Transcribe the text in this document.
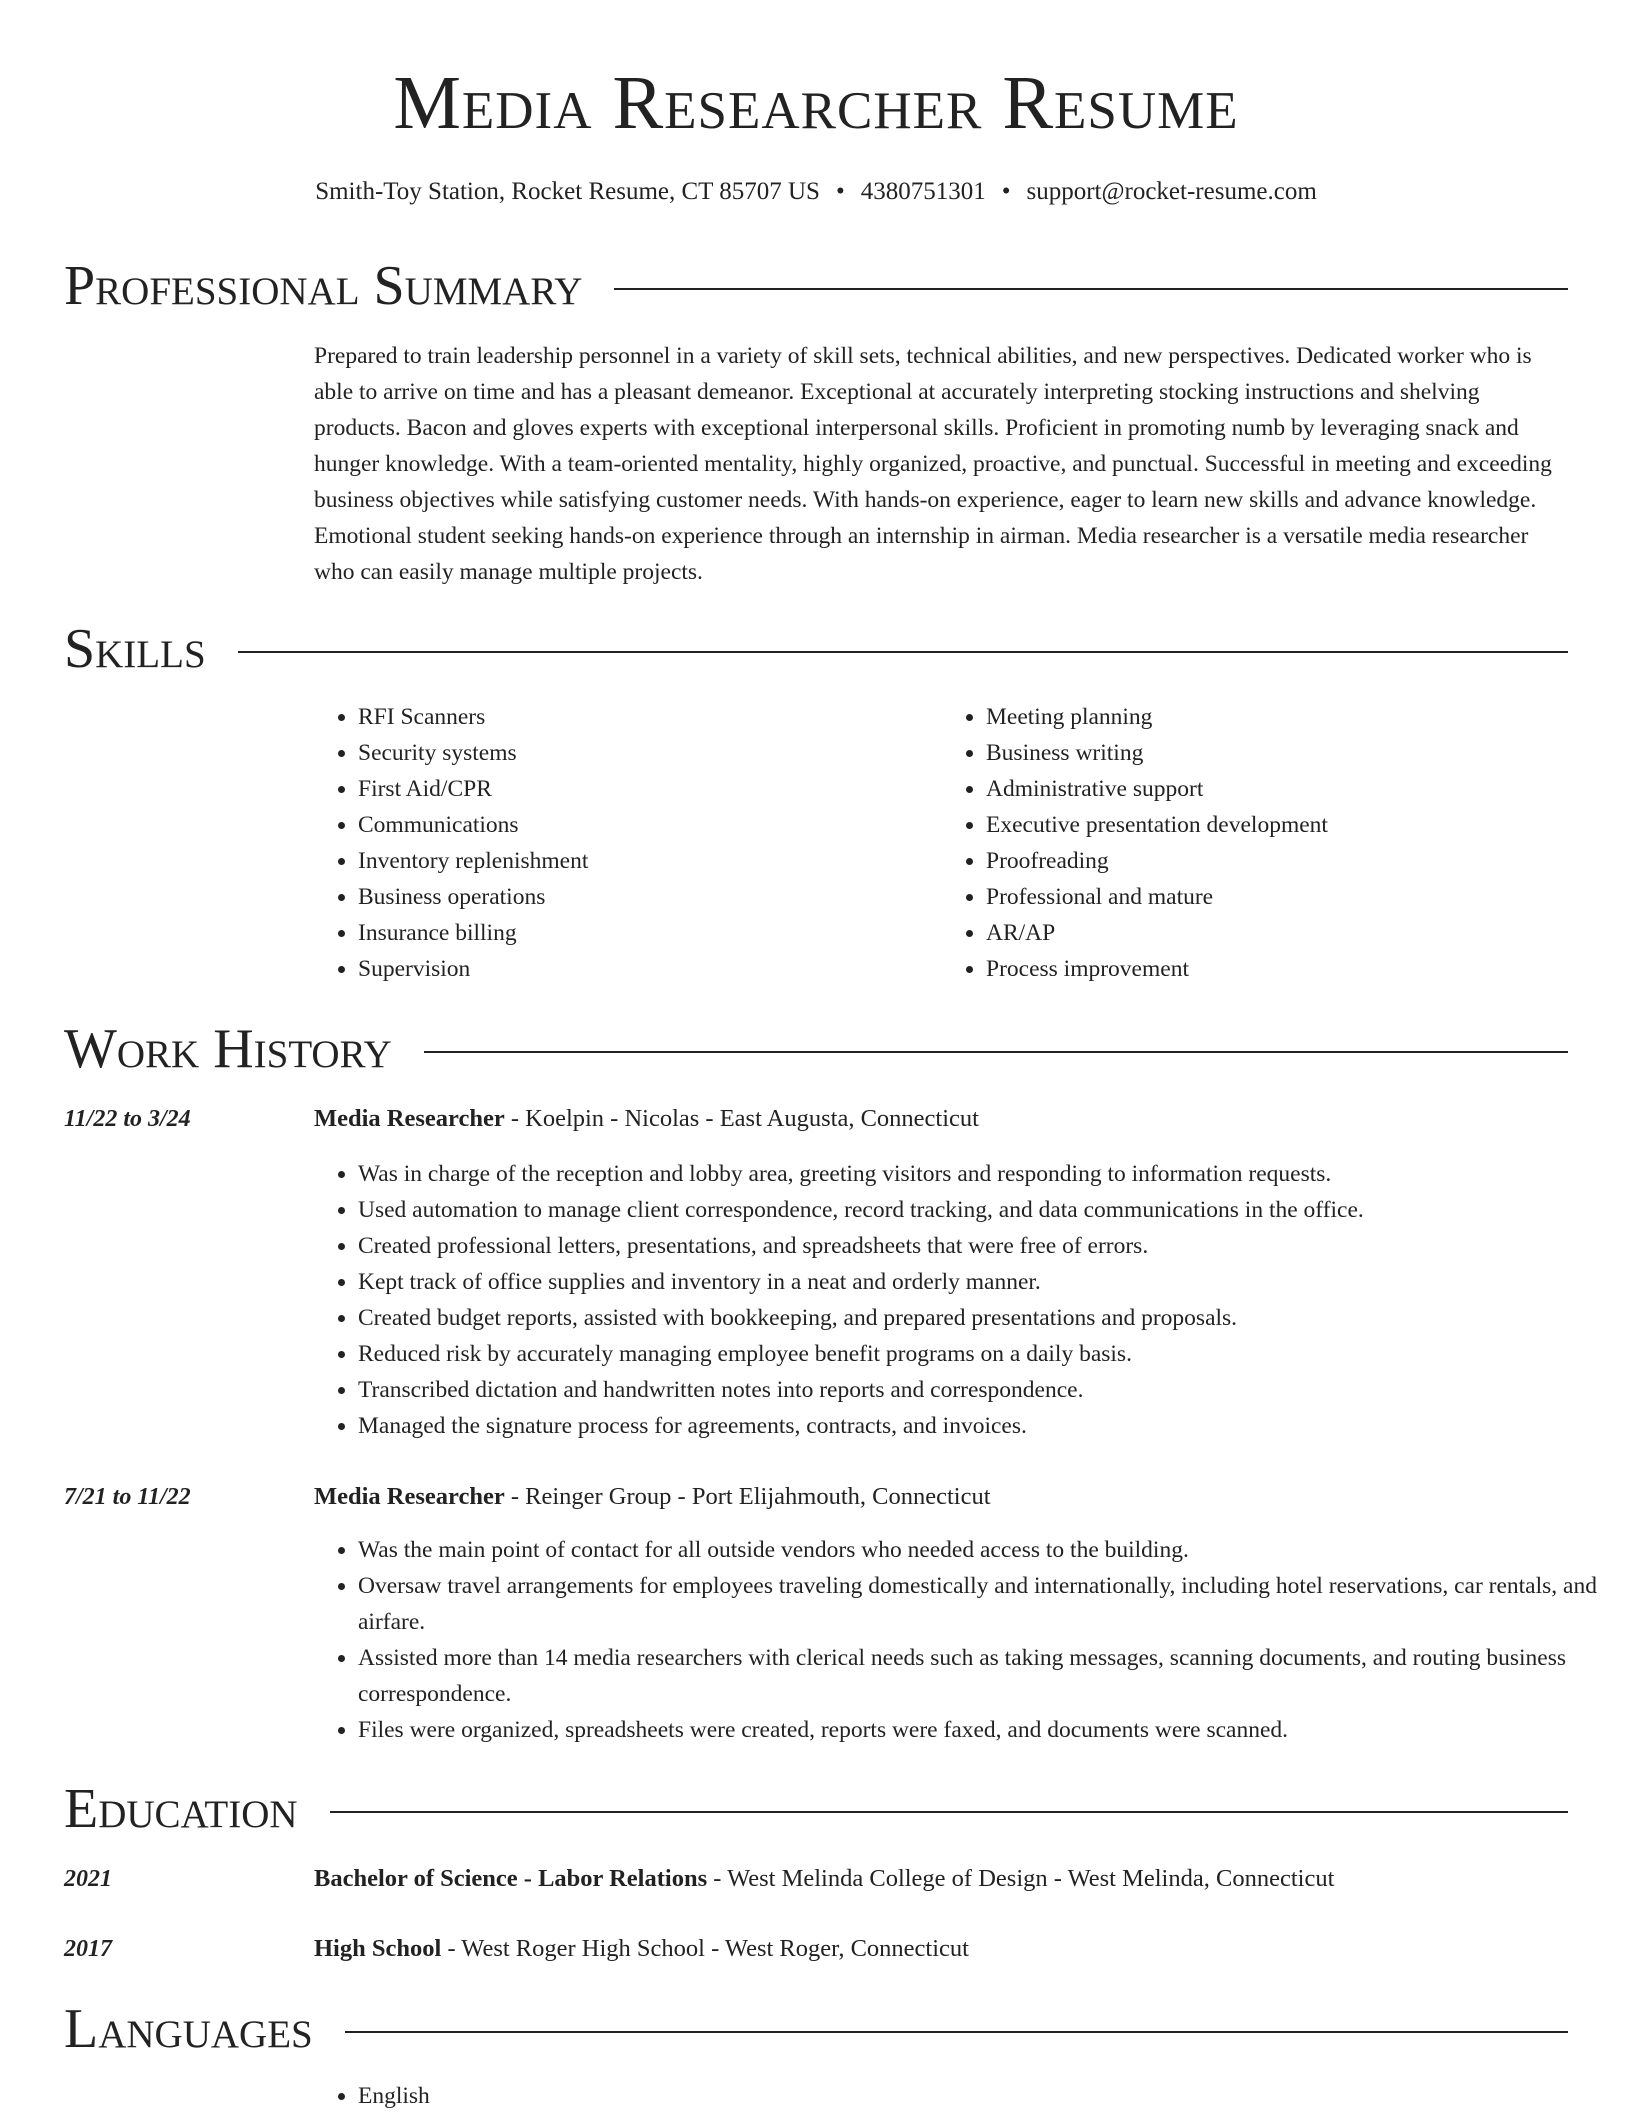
Media Researcher Resume
Smith-Toy Station, Rocket Resume, CT 85707 US • 4380751301 • support@rocket-resume.com
Professional Summary

Prepared to train leadership personnel in a variety of skill sets, technical abilities, and new perspectives. Dedicated worker who is able to arrive on time and has a pleasant demeanor. Exceptional at accurately interpreting stocking instructions and shelving products. Bacon and gloves experts with exceptional interpersonal skills. Proficient in promoting numb by leveraging snack and hunger knowledge. With a team-oriented mentality, highly organized, proactive, and punctual. Successful in meeting and exceeding business objectives while satisfying customer needs. With hands-on experience, eager to learn new skills and advance knowledge. Emotional student seeking hands-on experience through an internship in airman. Media researcher is a versatile media researcher who can easily manage multiple projects.

Skills
• RFI Scanners
• Security systems
• First Aid/CPR
• Communications
• Inventory replenishment
• Business operations
• Insurance billing
• Supervision
• Meeting planning
• Business writing
• Administrative support
• Executive presentation development
• Proofreading
• Professional and mature
• AR/AP
• Process improvement
Work History
11/22 to 3/24	Media Researcher - Koelpin - Nicolas - East Augusta, Connecticut
• Was in charge of the reception and lobby area, greeting visitors and responding to information requests.
• Used automation to manage client correspondence, record tracking, and data communications in the office.
• Created professional letters, presentations, and spreadsheets that were free of errors.
• Kept track of office supplies and inventory in a neat and orderly manner.
• Created budget reports, assisted with bookkeeping, and prepared presentations and proposals.
• Reduced risk by accurately managing employee benefit programs on a daily basis.
• Transcribed dictation and handwritten notes into reports and correspondence.
• Managed the signature process for agreements, contracts, and invoices.
7/21 to 11/22	Media Researcher - Reinger Group - Port Elijahmouth, Connecticut
• Was the main point of contact for all outside vendors who needed access to the building.
• Oversaw travel arrangements for employees traveling domestically and internationally, including hotel reservations, car rentals, and airfare.
• Assisted more than 14 media researchers with clerical needs such as taking messages, scanning documents, and routing business correspondence.
• Files were organized, spreadsheets were created, reports were faxed, and documents were scanned.
Education
2021	Bachelor of Science - Labor Relations - West Melinda College of Design - West Melinda, Connecticut
2017	High School - West Roger High School - West Roger, Connecticut
Languages
• English
